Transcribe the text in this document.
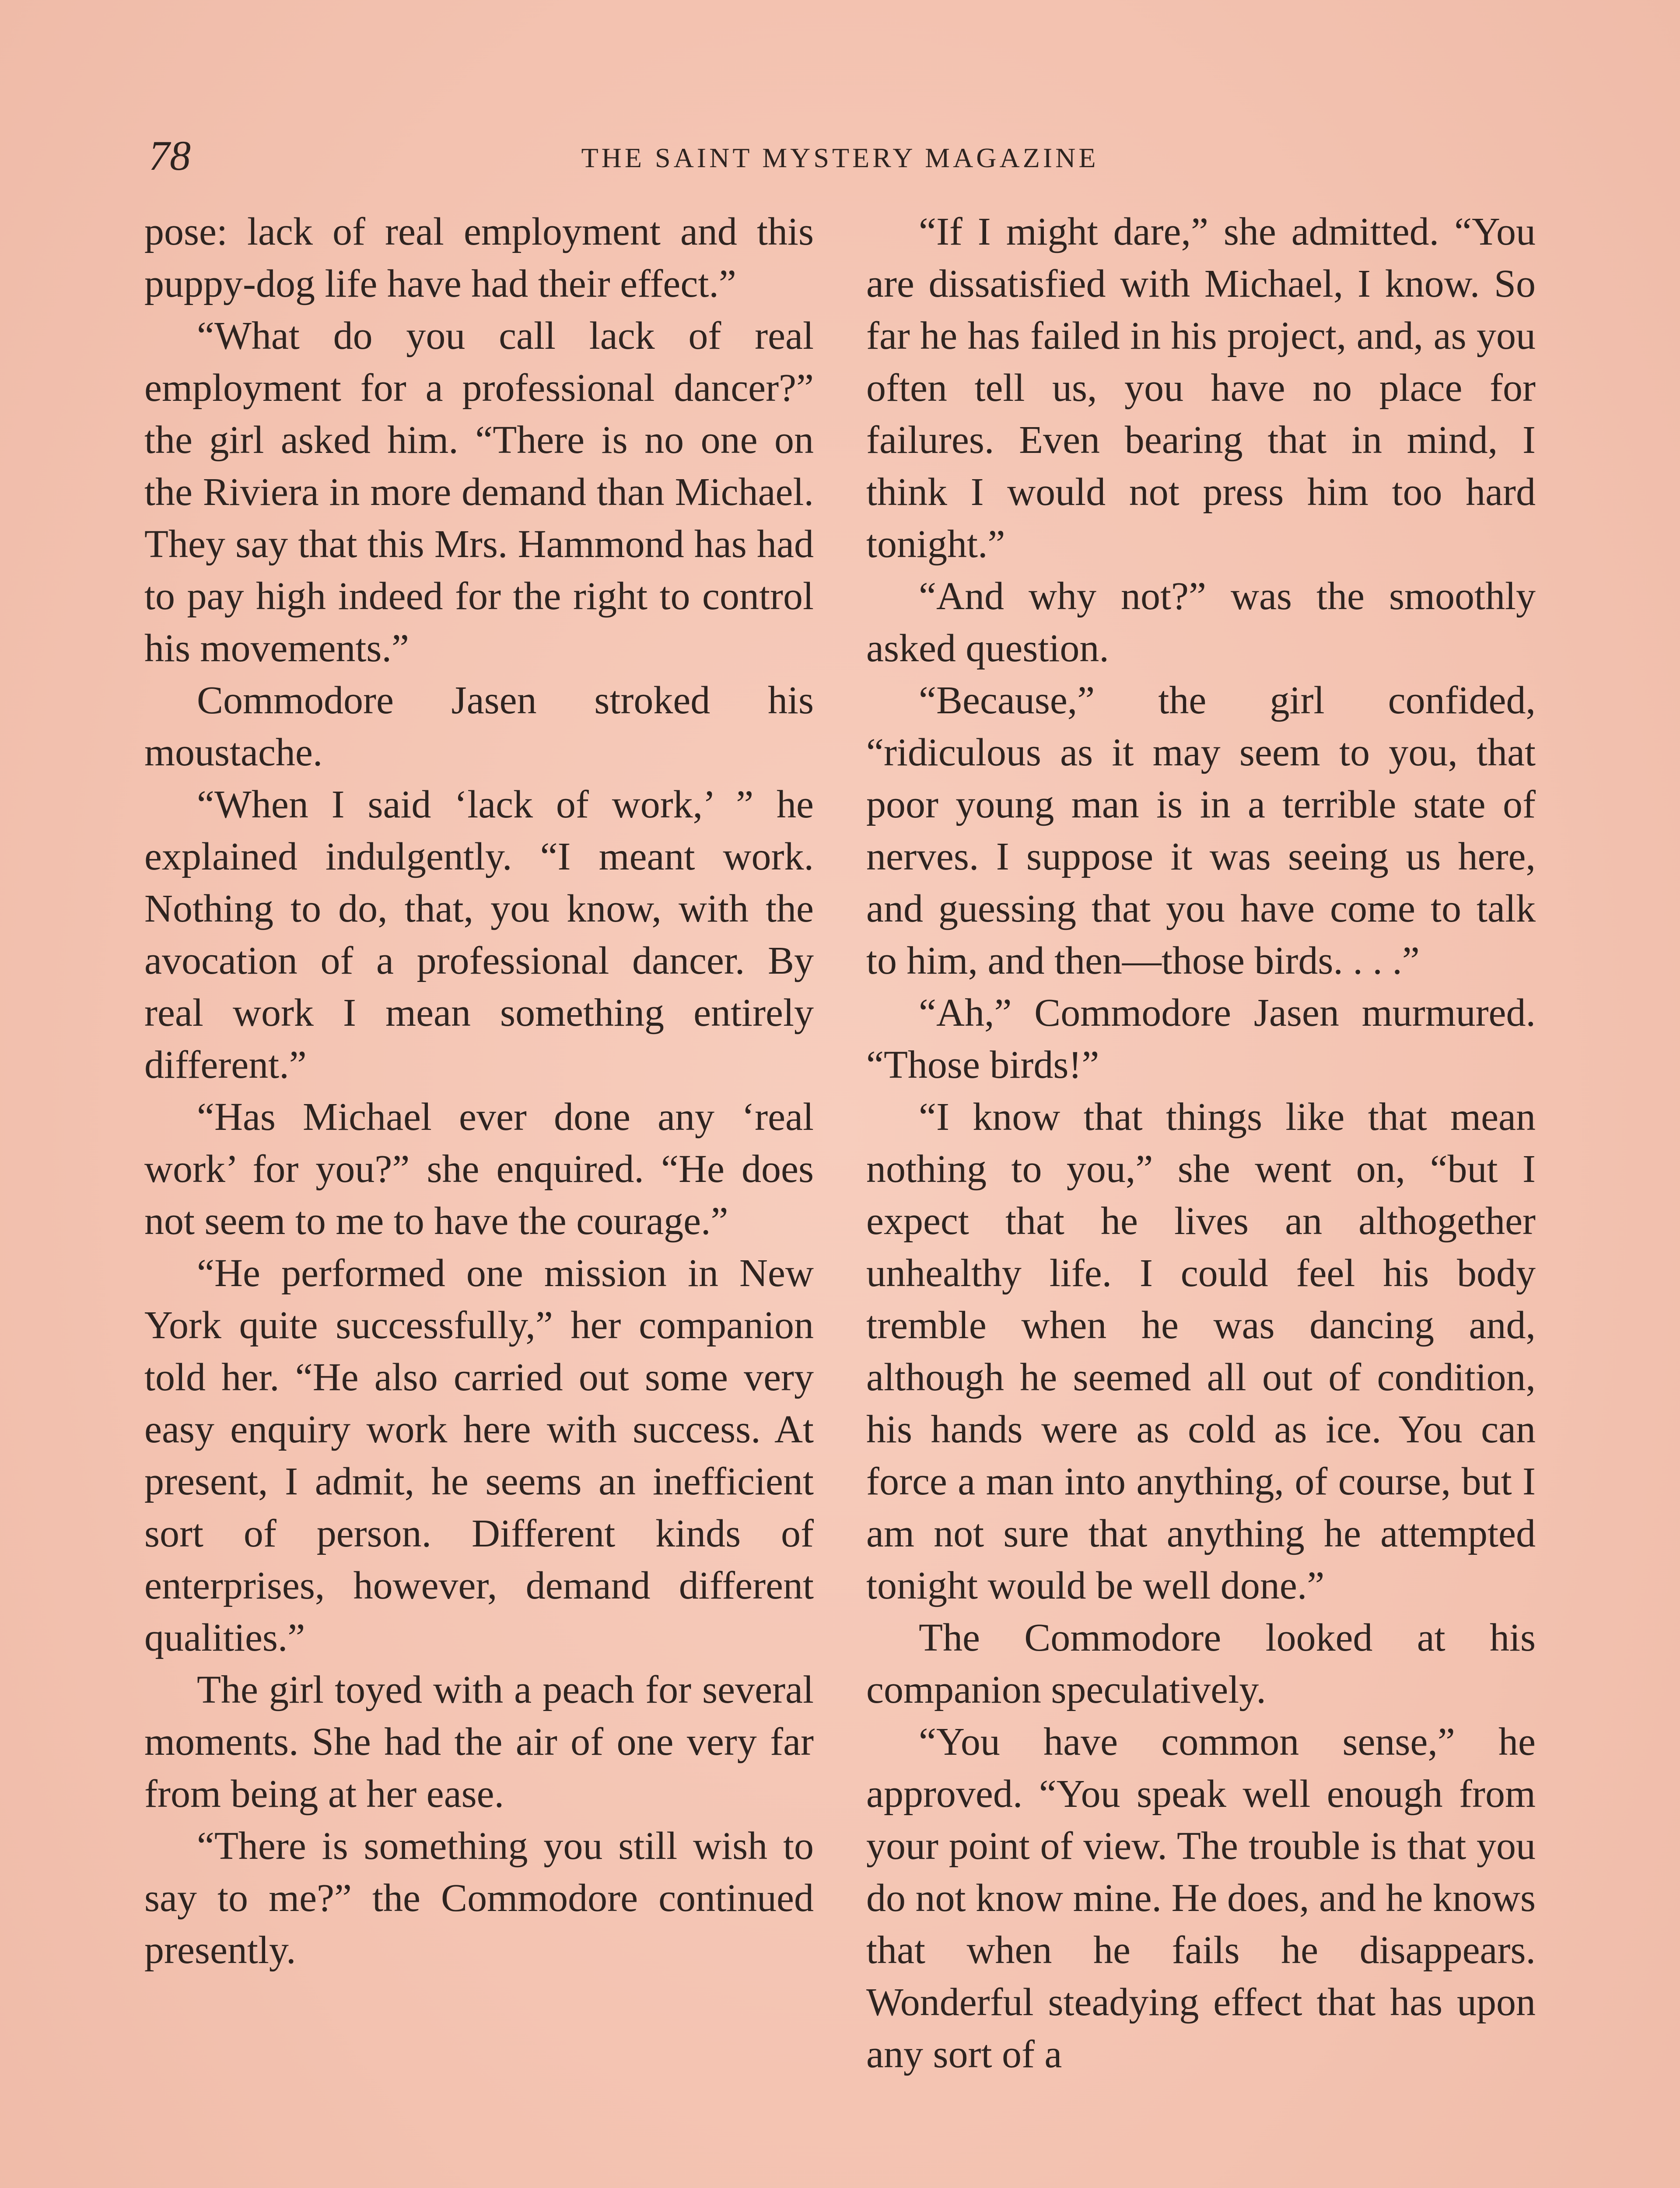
78	THE SAINT MYSTERY MAGAZINE

pose: lack of real employment and this puppy-dog life have had their effect.”

“What do you call lack of real employment for a professional dancer?” the girl asked him. “There is no one on the Riviera in more demand than Michael. They say that this Mrs. Hammond has had to pay high indeed for the right to control his movements.”

Commodore Jasen stroked his moustache.

“When I said ‘lack of work,’ ” he explained indulgently. “I meant work. Nothing to do, that, you know, with the avocation of a professional dancer. By real work I mean something entirely different.”

“Has Michael ever done any ‘real work’ for you?” she enquired. “He does not seem to me to have the courage.”

“He performed one mission in New York quite successfully,” her companion told her. “He also carried out some very easy enquiry work here with success. At present, I admit, he seems an inefficient sort of person. Different kinds of enterprises, however, demand different qualities.”

The girl toyed with a peach for several moments. She had the air of one very far from being at her ease.

“There is something you still wish to say to me?” the Commodore continued presently.

“If I might dare,” she admitted. “You are dissatisfied with Michael, I know. So far he has failed in his project, and, as you often tell us, you have no place for failures. Even bearing that in mind, I think I would not press him too hard tonight.”

“And why not?” was the smoothly asked question.

“Because,” the girl confided, “ridiculous as it may seem to you, that poor young man is in a terrible state of nerves. I suppose it was seeing us here, and guessing that you have come to talk to him, and then—those birds. . . .”

“Ah,” Commodore Jasen murmured. “Those birds!”

“I know that things like that mean nothing to you,” she went on, “but I expect that he lives an althogether unhealthy life. I could feel his body tremble when he was dancing and, although he seemed all out of condition, his hands were as cold as ice. You can force a man into anything, of course, but I am not sure that anything he attempted tonight would be well done.”

The Commodore looked at his companion speculatively.

“You have common sense,” he approved. “You speak well enough from your point of view. The trouble is that you do not know mine. He does, and he knows that when he fails he disappears. Wonderful steadying effect that has upon any sort of a
